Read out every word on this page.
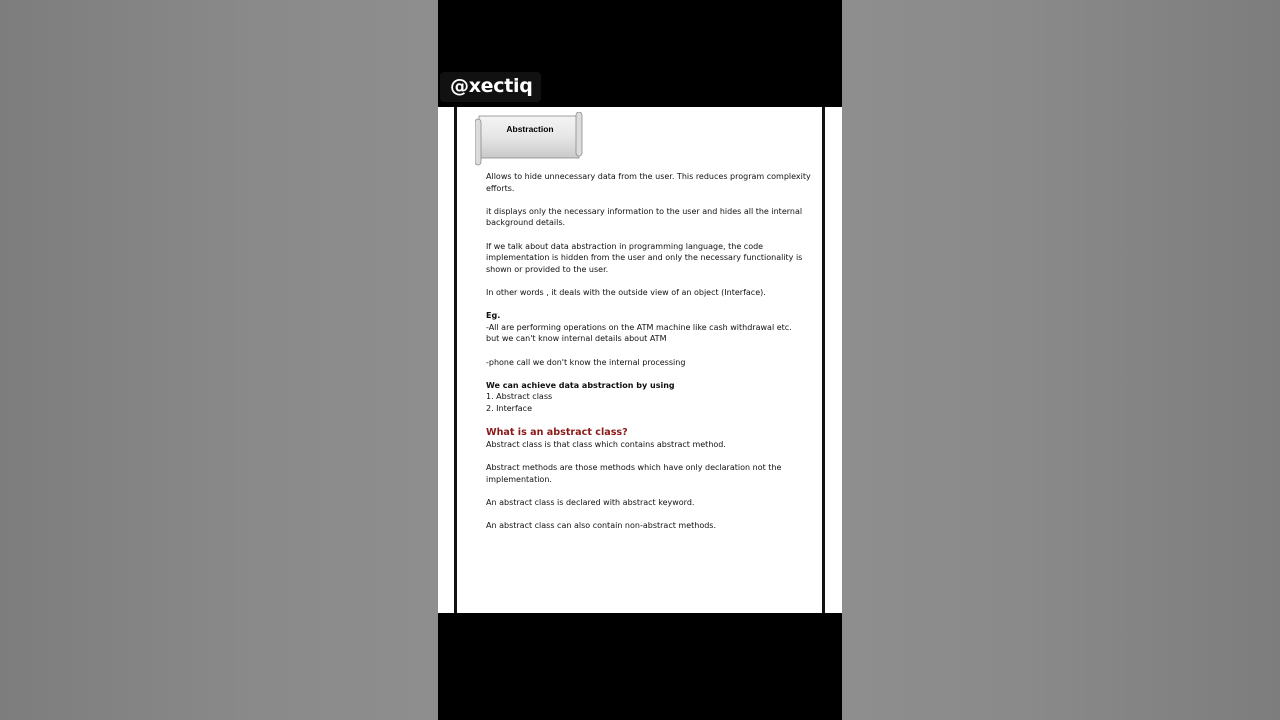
@xectiq
Abstraction

Allows to hide unnecessary data from the user. This reduces program complexity efforts.

it displays only the necessary information to the user and hides all the internal background details.

If we talk about data abstraction in programming language, the code implementation is hidden from the user and only the necessary functionality is shown or provided to the user.

In other words , it deals with the outside view of an object (Interface).

Eg.
-All are performing operations on the ATM machine like cash withdrawal etc.
but we can't know internal details about ATM

-phone call we don't know the internal processing

We can achieve data abstraction by using
1. Abstract class
2. Interface
What is an abstract class?

Abstract class is that class which contains abstract method.

Abstract methods are those methods which have only declaration not the implementation.

An abstract class is declared with abstract keyword.

An abstract class can also contain non-abstract methods.
